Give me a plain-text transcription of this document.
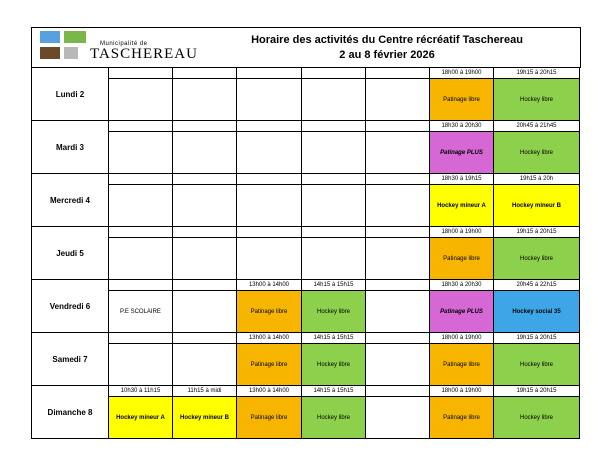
Municipalité de
TASCHEREAU
Horaire des activités du Centre récréatif Taschereau
2 au 8 février 2026
Lundi 2						18h00 à 19h00	19h15 à 20h15
						Patinage libre	Hockey libre
Mardi 3						18h30 à 20h30	20h45 à 21h45
						Patinage PLUS	Hockey libre
Mercredi 4						18h30 à 19h15	19h15 à 20h
						Hockey mineur A	Hockey mineur B
Jeudi 5						18h00 à 19h00	19h15 à 20h15
						Patinage libre	Hockey libre
Vendredi 6			13h00 à 14h00	14h15 à 15h15		18h30 à 20h30	20h45 à 22h15
	P.E SCOLAIRE		Patinage libre	Hockey libre		Patinage PLUS	Hockey social 35
Samedi 7			13h00 à 14h00	14h15 à 15h15		18h00 à 19h00	19h15 à 20h15
			Patinage libre	Hockey libre		Patinage libre	Hockey libre
Dimanche 8	10h30 à 11h15	11h15 à midi	13h00 à 14h00	14h15 à 15h15		18h00 à 19h00	19h15 à 20h15
	Hockey mineur A	Hockey mineur B	Patinage libre	Hockey libre		Patinage libre	Hockey libre
